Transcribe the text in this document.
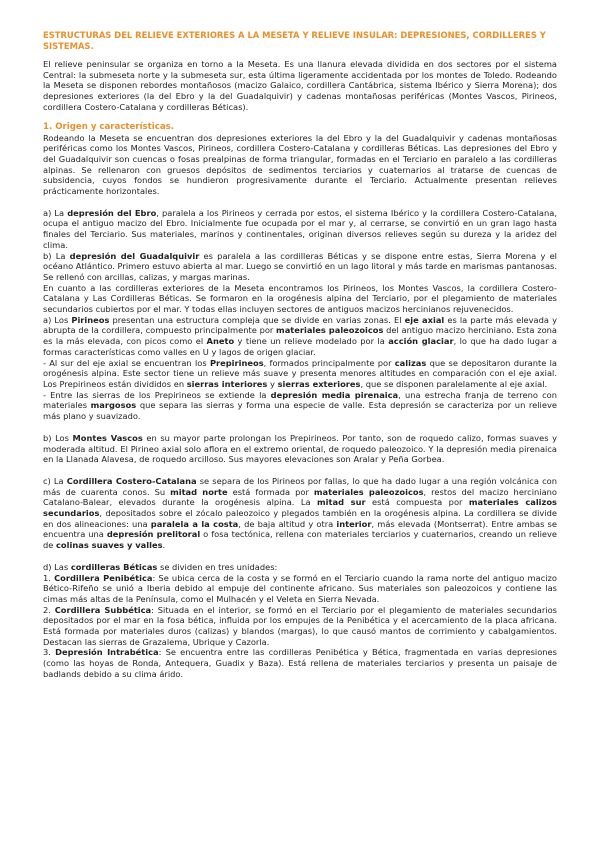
ESTRUCTURAS DEL RELIEVE EXTERIORES A LA MESETA Y RELIEVE INSULAR: DEPRESIONES, CORDILLERES Y SISTEMAS.

El relieve peninsular se organiza en torno a la Meseta. Es una llanura elevada dividida en dos sectores por el sistema Central: la submeseta norte y la submeseta sur, esta última ligeramente accidentada por los montes de Toledo. Rodeando la Meseta se disponen rebordes montañosos (macizo Galaico, cordillera Cantábrica, sistema Ibérico y Sierra Morena); dos depresiones exteriores (la del Ebro y la del Guadalquivir) y cadenas montañosas periféricas (Montes Vascos, Pirineos, cordillera Costero-Catalana y cordilleras Béticas).

1. Origen y características.

Rodeando la Meseta se encuentran dos depresiones exteriores la del Ebro y la del Guadalquivir y cadenas montañosas periféricas como los Montes Vascos, Pirineos, cordillera Costero-Catalana y cordilleras Béticas. Las depresiones del Ebro y del Guadalquivir son cuencas o fosas prealpinas de forma triangular, formadas en el Terciario en paralelo a las cordilleras alpinas. Se rellenaron con gruesos depósitos de sedimentos terciarios y cuaternarios al tratarse de cuencas de subsidencia, cuyos fondos se hundieron progresivamente durante el Terciario. Actualmente presentan relieves prácticamente horizontales.

a) La depresión del Ebro, paralela a los Pirineos y cerrada por estos, el sistema Ibérico y la cordillera Costero-Catalana, ocupa el antiguo macizo del Ebro. Inicialmente fue ocupada por el mar y, al cerrarse, se convirtió en un gran lago hasta finales del Terciario. Sus materiales, marinos y continentales, originan diversos relieves según su dureza y la aridez del clima.

b) La depresión del Guadalquivir es paralela a las cordilleras Béticas y se dispone entre estas, Sierra Morena y el océano Atlántico. Primero estuvo abierta al mar. Luego se convirtió en un lago litoral y más tarde en marismas pantanosas. Se rellenó con arcillas, calizas, y margas marinas.

En cuanto a las cordilleras exteriores de la Meseta encontramos los Pirineos, los Montes Vascos, la cordillera Costero-Catalana y Las Cordilleras Béticas. Se formaron en la orogénesis alpina del Terciario, por el plegamiento de materiales secundarios cubiertos por el mar. Y todas ellas incluyen sectores de antiguos macizos hercinianos rejuvenecidos.

a) Los Pirineos presentan una estructura compleja que se divide en varias zonas. El eje axial es la parte más elevada y abrupta de la cordillera, compuesto principalmente por materiales paleozoicos del antiguo macizo herciniano. Esta zona es la más elevada, con picos como el Aneto y tiene un relieve modelado por la acción glaciar, lo que ha dado lugar a formas características como valles en U y lagos de origen glaciar.

- Al sur del eje axial se encuentran los Prepirineos, formados principalmente por calizas que se depositaron durante la orogénesis alpina. Este sector tiene un relieve más suave y presenta menores altitudes en comparación con el eje axial. Los Prepirineos están divididos en sierras interiores y sierras exteriores, que se disponen paralelamente al eje axial.

- Entre las sierras de los Prepirineos se extiende la depresión media pirenaica, una estrecha franja de terreno con materiales margosos que separa las sierras y forma una especie de valle. Esta depresión se caracteriza por un relieve más plano y suavizado.

b) Los Montes Vascos en su mayor parte prolongan los Prepirineos. Por tanto, son de roquedo calizo, formas suaves y moderada altitud. El Pirineo axial solo aflora en el extremo oriental, de roquedo paleozoico. Y la depresión media pirenaica en la Llanada Alavesa, de roquedo arcilloso. Sus mayores elevaciones son Aralar y Peña Gorbea.

c) La Cordillera Costero-Catalana se separa de los Pirineos por fallas, lo que ha dado lugar a una región volcánica con más de cuarenta conos. Su mitad norte está formada por materiales paleozoicos, restos del macizo herciniano Catalano-Balear, elevados durante la orogénesis alpina. La mitad sur está compuesta por materiales calizos secundarios, depositados sobre el zócalo paleozoico y plegados también en la orogénesis alpina. La cordillera se divide en dos alineaciones: una paralela a la costa, de baja altitud y otra interior, más elevada (Montserrat). Entre ambas se encuentra una depresión prelitoral o fosa tectónica, rellena con materiales terciarios y cuaternarios, creando un relieve de colinas suaves y valles.

d) Las cordilleras Béticas se dividen en tres unidades:

1. Cordillera Penibética: Se ubica cerca de la costa y se formó en el Terciario cuando la rama norte del antiguo macizo Bético-Rifeño se unió a Iberia debido al empuje del continente africano. Sus materiales son paleozoicos y contiene las cimas más altas de la Península, como el Mulhacén y el Veleta en Sierra Nevada.

2. Cordillera Subbética: Situada en el interior, se formó en el Terciario por el plegamiento de materiales secundarios depositados por el mar en la fosa bética, influida por los empujes de la Penibética y el acercamiento de la placa africana. Está formada por materiales duros (calizas) y blandos (margas), lo que causó mantos de corrimiento y cabalgamientos. Destacan las sierras de Grazalema, Ubrique y Cazorla.

3. Depresión Intrabética: Se encuentra entre las cordilleras Penibética y Bética, fragmentada en varias depresiones (como las hoyas de Ronda, Antequera, Guadix y Baza). Está rellena de materiales terciarios y presenta un paisaje de badlands debido a su clima árido.
